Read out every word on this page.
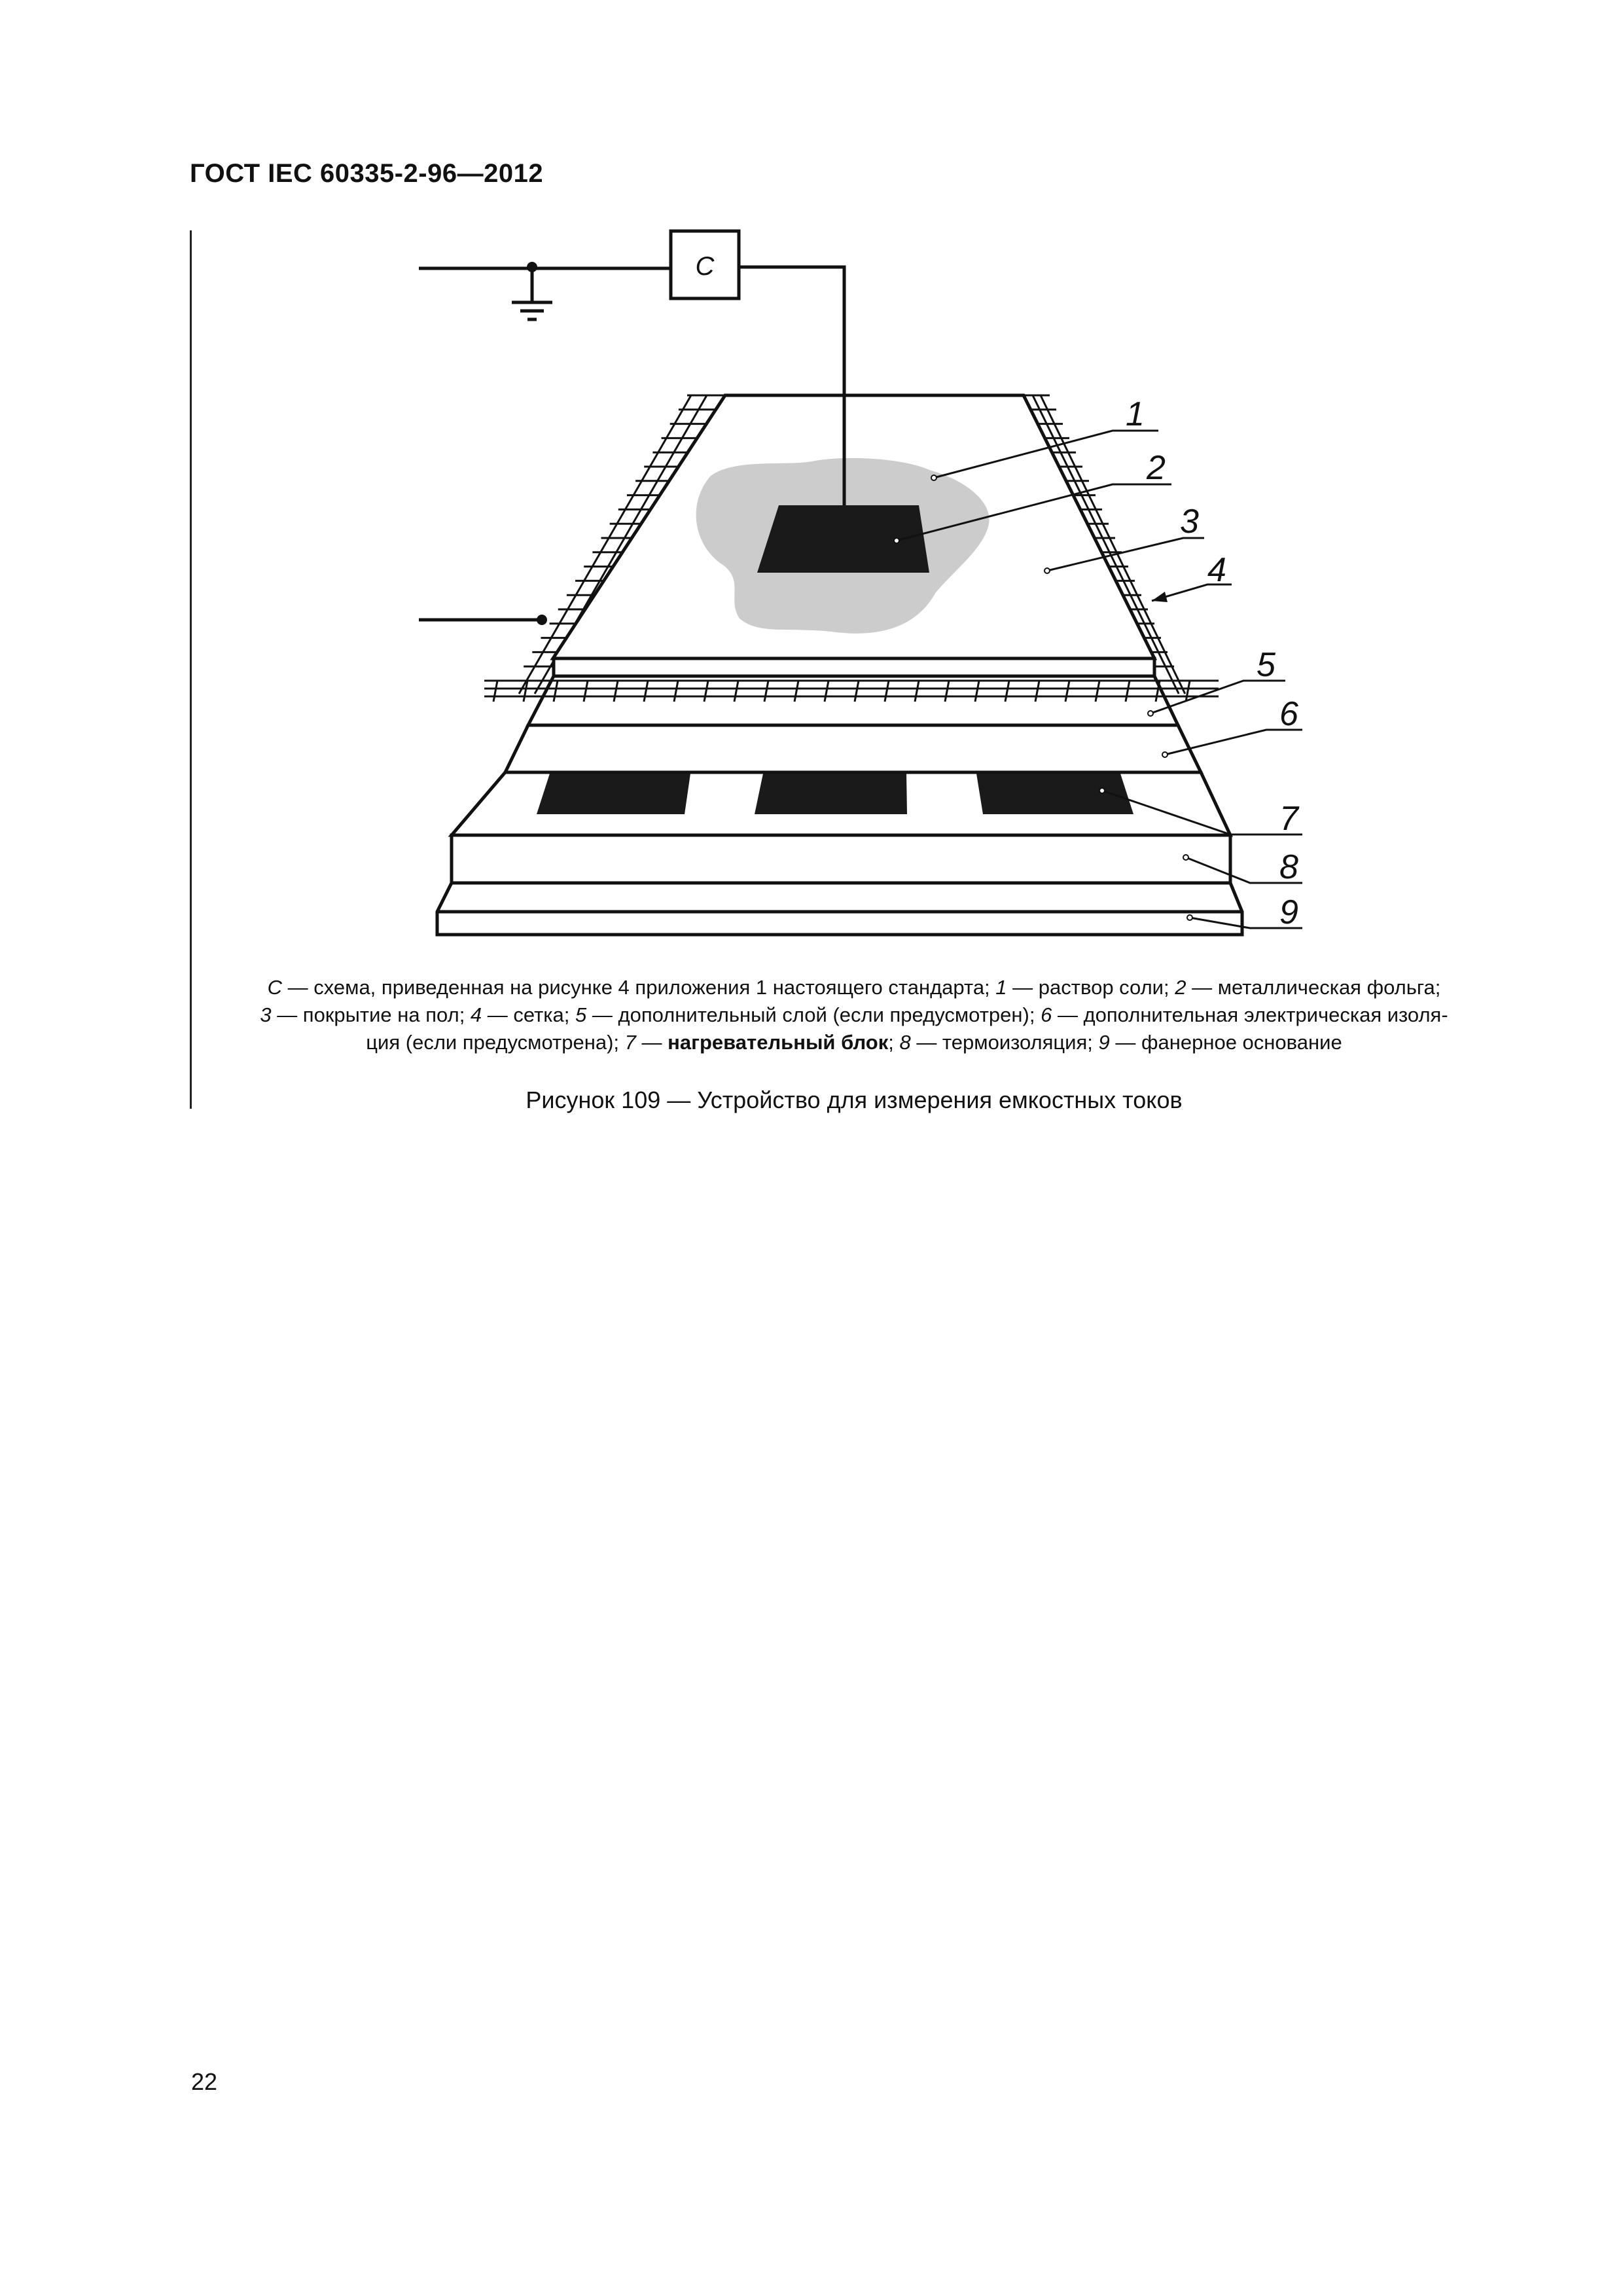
ГОСТ IEC 60335-2-96—2012
C
1
2
3
4
5
6
7
8
9
C — схема, приведенная на рисунке 4 приложения 1 настоящего стандарта; 1 — раствор соли; 2 — металлическая фольга;
3 — покрытие на пол; 4 — сетка; 5 — дополнительный слой (если предусмотрен); 6 — дополнительная электрическая изоля-
ция (если предусмотрена); 7 — нагревательный блок; 8 — термоизоляция; 9 — фанерное основание
Рисунок 109 — Устройство для измерения емкостных токов
22
